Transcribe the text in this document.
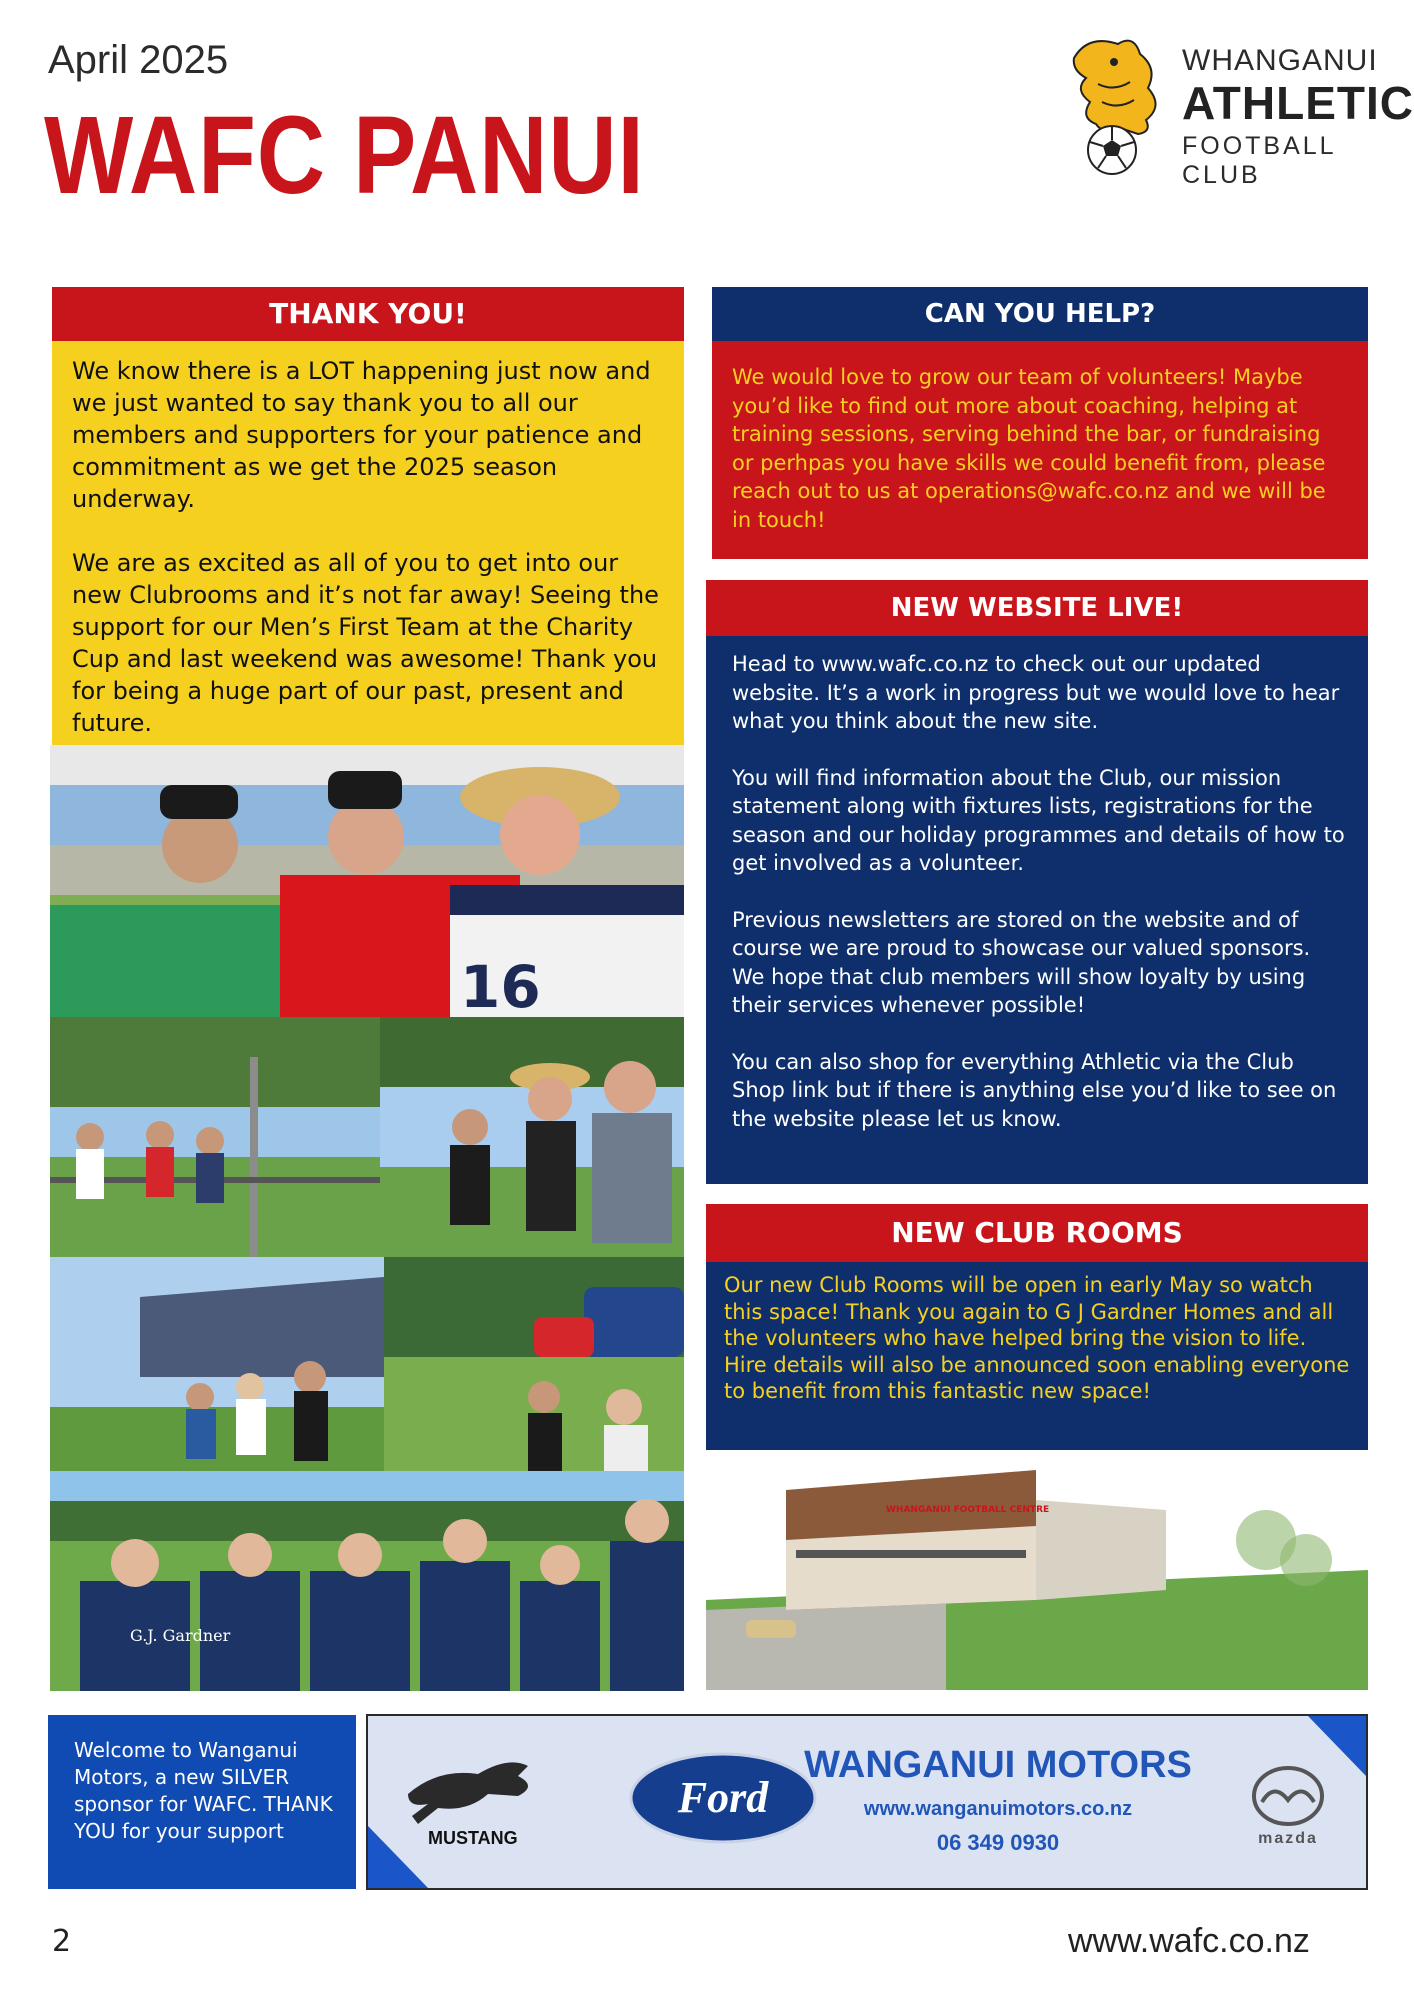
April 2025
WAFC PANUI
WHANGANUI
ATHLETIC
FOOTBALL CLUB
THANK YOU!
We know there is a LOT happening just now and we just wanted to say thank you to all our members and supporters for your patience and commitment as we get the 2025 season underway.
We are as excited as all of you to get into our new Clubrooms and it’s not far away! Seeing the support for our Men’s First Team at the Charity Cup and last weekend was awesome! Thank you for being a huge part of our past, present and future.
16
G.J. Gardner
CAN YOU HELP?
We would love to grow our team of volunteers! Maybe you’d like to find out more about coaching, helping at training sessions, serving behind the bar, or fundraising or perhpas you have skills we could benefit from, please reach out to us at operations@wafc.co.nz and we will be in touch!
NEW WEBSITE LIVE!

Head to www.wafc.co.nz to check out our updated website. It’s a work in progress but we would love to hear what you think about the new site.

You will find information about the Club, our mission statement along with fixtures lists, registrations for the season and our holiday programmes and details of how to get involved as a volunteer.

Previous newsletters are stored on the website and of course we are proud to showcase our valued sponsors. We hope that club members will show loyalty by using their services whenever possible!

You can also shop for everything Athletic via the Club Shop link but if there is anything else you’d like to see on the website please let us know.

NEW CLUB ROOMS
Our new Club Rooms will be open in early May so watch this space! Thank you again to G J Gardner Homes and all the volunteers who have helped bring the vision to life. Hire details will also be announced soon enabling everyone to benefit from this fantastic new space!
WHANGANUI FOOTBALL CENTRE
Welcome to Wanganui Motors, a new SILVER sponsor for WAFC. THANK YOU for your support	MUSTANG
Ford
WANGANUI MOTORS
www.wanganuimotors.co.nz
06 349 0930	mazda
2	www.wafc.co.nz
